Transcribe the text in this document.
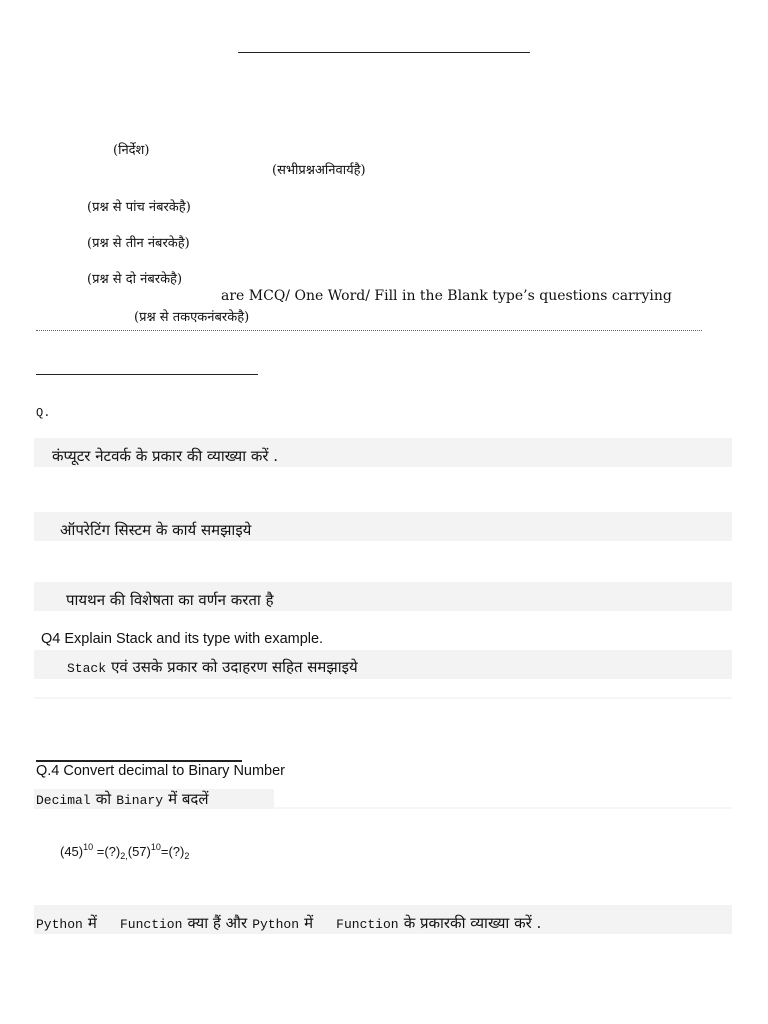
(निर्देश)
(सभीप्रश्नअनिवार्यहै)
(प्रश्न से पांच नंबरकेहै)
(प्रश्न से तीन नंबरकेहै)
(प्रश्न से दो नंबरकेहै)
are MCQ/ One Word/ Fill in the Blank type’s questions carrying
(प्रश्न से तकएकनंबरकेहै)
Q.
कंप्यूटर नेटवर्क के प्रकार की व्याख्या करें .
ऑपरेटिंग सिस्टम के कार्य समझाइये
पायथन की विशेषता का वर्णन करता है
Q4 Explain Stack and its type with example.
Stack एवं उसके प्रकार को उदाहरण सहित समझाइये
Q.4 Convert decimal to Binary Number
Decimal को Binary में बदलें
$(45)^{10}$ $=(?)_{2,}(57)^{10}=(?)_2$
Python में Function क्या हैं और Python में Function के प्रकारकी व्याख्या करें .
